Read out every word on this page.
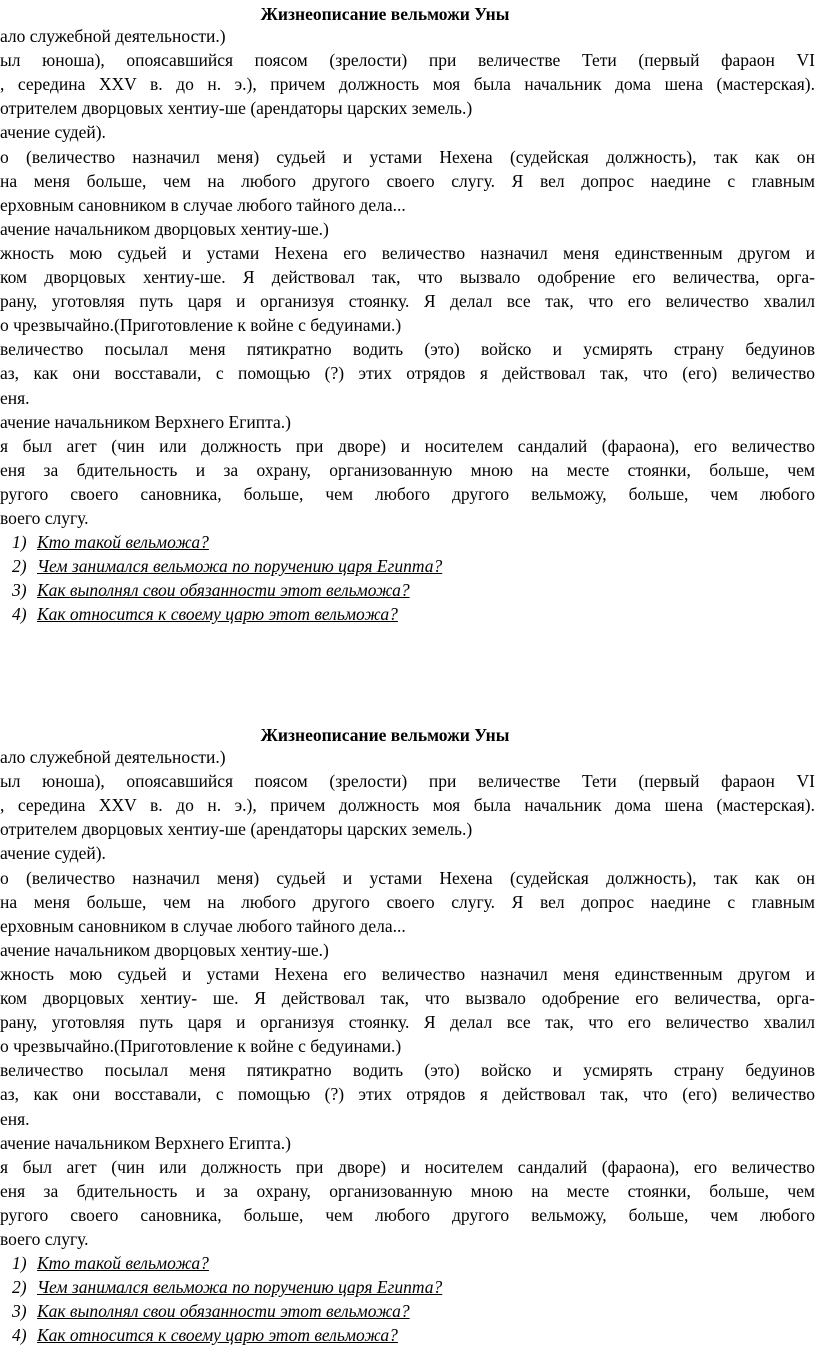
Жизнеописание вельможи Уны
ало служебной деятельности.)
ыл юноша), опоясавшийся поясом (зрелости) при величестве Тети (первый фараон VI
, середина XXV в. до н. э.), причем должность моя была начальник дома шена (мастерская).
отрителем дворцовых хентиу-ше (арендаторы царских земель.)
ачение судей).
о (величество назначил меня) судьей и устами Нехена (судейская должность), так как он
на меня больше, чем на любого другого своего слугу. Я вел допрос наедине с главным
ерховным сановником в случае любого тайного дела...
ачение начальником дворцовых хентиу-ше.)
жность мою судьей и устами Нехена его величество назначил меня единственным другом и
ком дворцовых хентиу-ше. Я действовал так, что вызвало одобрение его величества, орга-
рану, уготовляя путь царя и организуя стоянку. Я делал все так, что его величество хвалил
о чрезвычайно.(Приготовление к войне с бедуинами.)
величество посылал меня пятикратно водить (это) войско и усмирять страну бедуинов
аз, как они восставали, с помощью (?) этих отрядов я действовал так, что (его) величество
еня.
ачение начальником Верхнего Египта.)
я был агет (чин или должность при дворе) и носителем сандалий (фараона), его величество
еня за бдительность и за охрану, организованную мною на месте стоянки, больше, чем
ругого своего сановника, больше, чем любого другого вельможу, больше, чем любого
воего слугу.
1) Кто такой вельможа?
2) Чем занимался вельможа по поручению царя Египта?
3) Как выполнял свои обязанности этот вельможа?
4) Как относится к своему царю этот вельможа?
Жизнеописание вельможи Уны
ало служебной деятельности.)
ыл юноша), опоясавшийся поясом (зрелости) при величестве Тети (первый фараон VI
, середина XXV в. до н. э.), причем должность моя была начальник дома шена (мастерская).
отрителем дворцовых хентиу-ше (арендаторы царских земель.)
ачение судей).
о (величество назначил меня) судьей и устами Нехена (судейская должность), так как он
на меня больше, чем на любого другого своего слугу. Я вел допрос наедине с главным
ерховным сановником в случае любого тайного дела...
ачение начальником дворцовых хентиу-ше.)
жность мою судьей и устами Нехена его величество назначил меня единственным другом и
ком дворцовых хентиу- ше. Я действовал так, что вызвало одобрение его величества, орга-
рану, уготовляя путь царя и организуя стоянку. Я делал все так, что его величество хвалил
о чрезвычайно.(Приготовление к войне с бедуинами.)
величество посылал меня пятикратно водить (это) войско и усмирять страну бедуинов
аз, как они восставали, с помощью (?) этих отрядов я действовал так, что (его) величество
еня.
ачение начальником Верхнего Египта.)
я был агет (чин или должность при дворе) и носителем сандалий (фараона), его величество
еня за бдительность и за охрану, организованную мною на месте стоянки, больше, чем
ругого своего сановника, больше, чем любого другого вельможу, больше, чем любого
воего слугу.
1) Кто такой вельможа?
2) Чем занимался вельможа по поручению царя Египта?
3) Как выполнял свои обязанности этот вельможа?
4) Как относится к своему царю этот вельможа?
